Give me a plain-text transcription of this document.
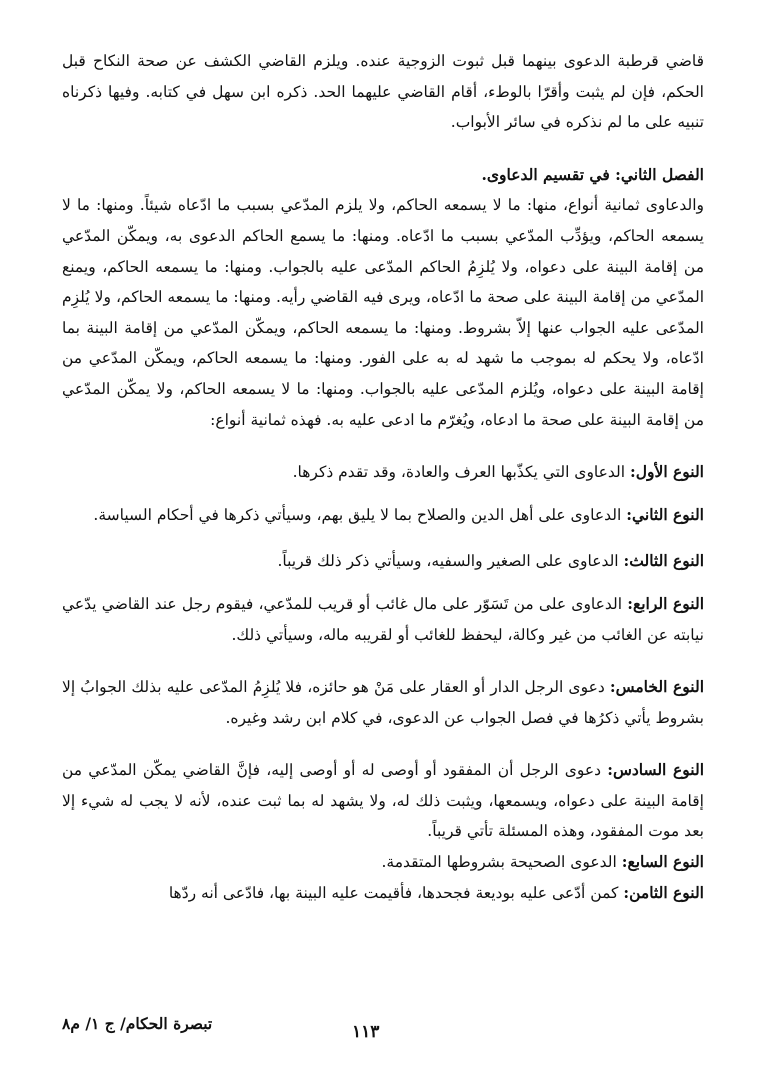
قاضي قرطبة الدعوى بينهما قبل ثبوت الزوجية عنده. ويلزم القاضي الكشف عن صحة النكاح قبل الحكم، فإن لم يثبت وأقرّا بالوطء، أقام القاضي عليهما الحد. ذكره ابن سهل في كتابه. وفيها ذكرناه تنبيه على ما لم نذكره في سائر الأبواب.

الفصل الثاني: في تقسيم الدعاوى.

والدعاوى ثمانية أنواع، منها: ما لا يسمعه الحاكم، ولا يلزم المدّعي بسبب ما ادّعاه شيئاً. ومنها: ما لا يسمعه الحاكم، ويؤدِّب المدّعي بسبب ما ادّعاه. ومنها: ما يسمع الحاكم الدعوى به، ويمكّن المدّعي من إقامة البينة على دعواه، ولا يُلزِمُ الحاكم المدّعى عليه بالجواب. ومنها: ما يسمعه الحاكم، ويمنع المدّعي من إقامة البينة على صحة ما ادّعاه، ويرى فيه القاضي رأيه. ومنها: ما يسمعه الحاكم، ولا يُلزِم المدّعى عليه الجواب عنها إلاّ بشروط. ومنها: ما يسمعه الحاكم، ويمكّن المدّعي من إقامة البينة بما ادّعاه، ولا يحكم له بموجب ما شهد له به على الفور. ومنها: ما يسمعه الحاكم، ويمكّن المدّعي من إقامة البينة على دعواه، ويُلزم المدّعى عليه بالجواب. ومنها: ما لا يسمعه الحاكم، ولا يمكّن المدّعي من إقامة البينة على صحة ما ادعاه، ويُغرّم ما ادعى عليه به. فهذه ثمانية أنواع:

النوع الأول: الدعاوى التي يكذّبها العرف والعادة، وقد تقدم ذكرها.

النوع الثاني: الدعاوى على أهل الدين والصلاح بما لا يليق بهم، وسيأتي ذكرها في أحكام السياسة.

النوع الثالث: الدعاوى على الصغير والسفيه، وسيأتي ذكر ذلك قريباً.

النوع الرابع: الدعاوى على من تَسَوّر على مال غائب أو قريب للمدّعي، فيقوم رجل عند القاضي يدّعي نيابته عن الغائب من غير وكالة، ليحفظ للغائب أو لقريبه ماله، وسيأتي ذلك.

النوع الخامس: دعوى الرجل الدار أو العقار على مَنْ هو حائزه، فلا يُلزِمُ المدّعى عليه بذلك الجوابُ إلا بشروط يأتي ذكرُها في فصل الجواب عن الدعوى، في كلام ابن رشد وغيره.

النوع السادس: دعوى الرجل أن المفقود أو أوصى له أو أوصى إليه، فإنَّ القاضي يمكّن المدّعي من إقامة البينة على دعواه، ويسمعها، ويثبت ذلك له، ولا يشهد له بما ثبت عنده، لأنه لا يجب له شيء إلا بعد موت المفقود، وهذه المسئلة تأتي قريباً.

النوع السابع: الدعوى الصحيحة بشروطها المتقدمة.

النوع الثامن: كمن أدّعى عليه بوديعة فجحدها، فأقيمت عليه البينة بها، فادّعى أنه ردّها

١١٣
تبصرة الحكام/ ج ١/ م٨
